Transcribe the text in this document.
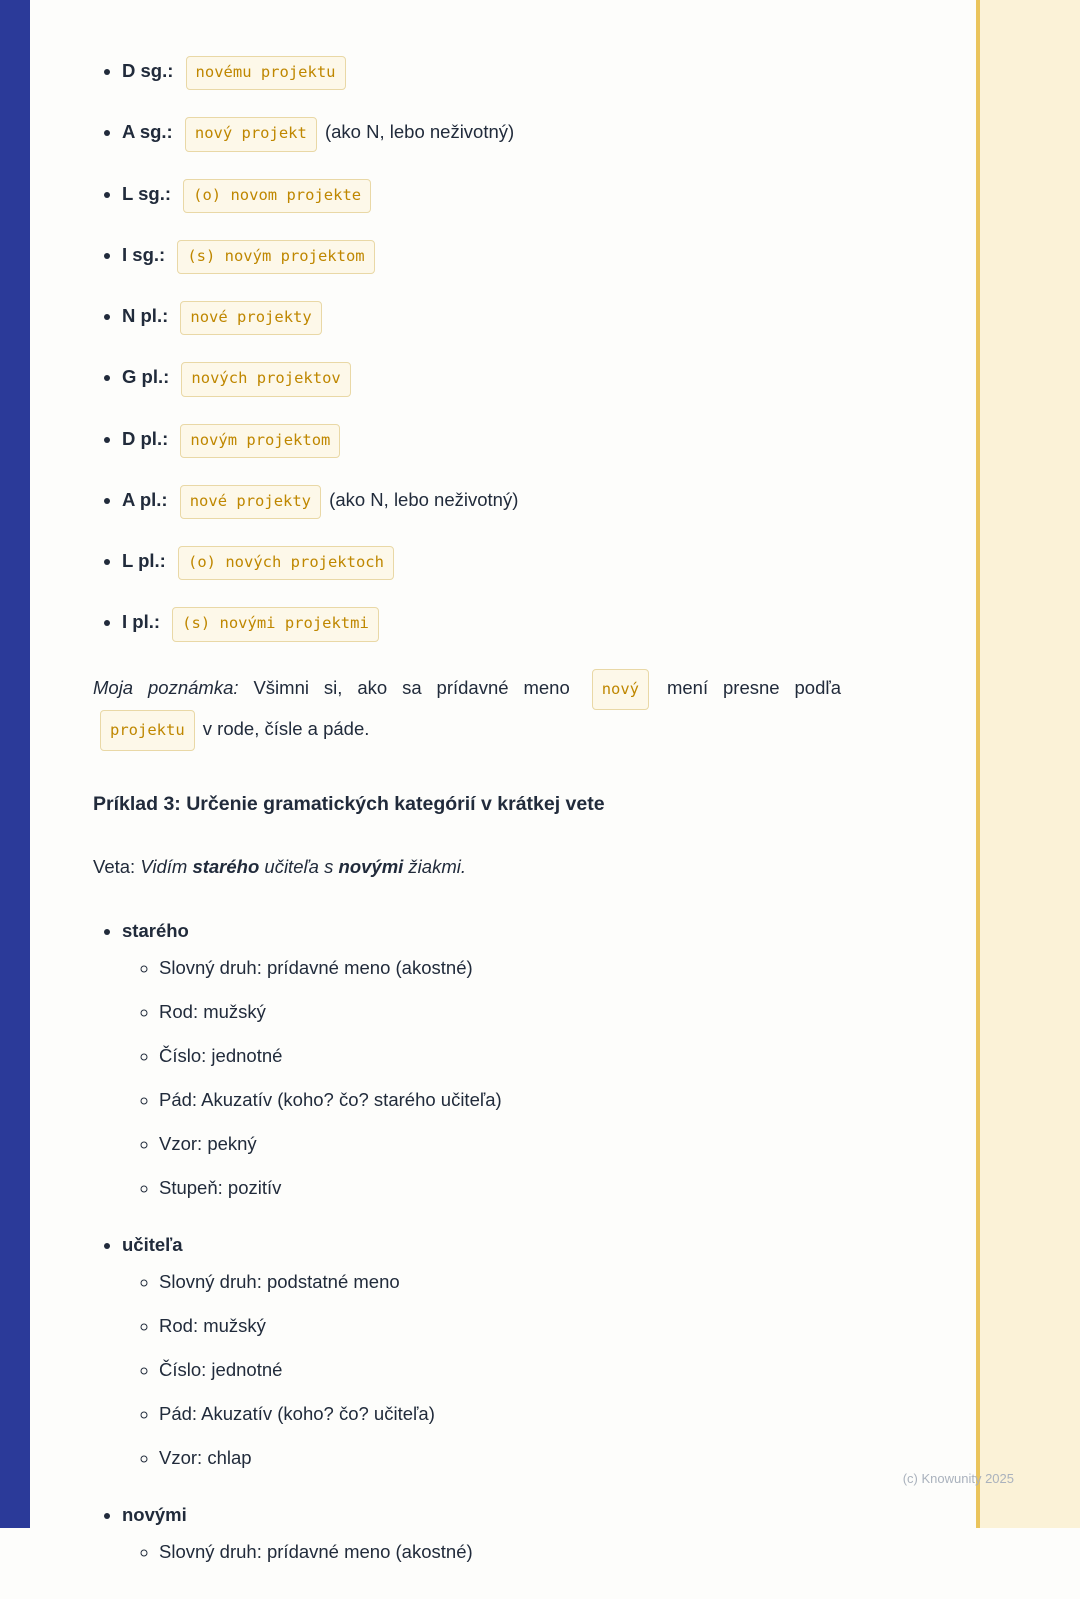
• D sg.: novému projektu
• A sg.: nový projekt (ako N, lebo neživotný)
• L sg.: (o) novom projekte
• I sg.: (s) novým projektom
• N pl.: nové projekty
• G pl.: nových projektov
• D pl.: novým projektom
• A pl.: nové projekty (ako N, lebo neživotný)
• L pl.: (o) nových projektoch
• I pl.: (s) novými projektmi

Moja poznámka: Všimni si, ako sa prídavné meno nový mení presne podľa projektu v rode, čísle a páde.

Príklad 3: Určenie gramatických kategórií v krátkej vete

Veta: Vidím starého učiteľa s novými žiakmi.

• starého
◦ Slovný druh: prídavné meno (akostné)
◦ Rod: mužský
◦ Číslo: jednotné
◦ Pád: Akuzatív (koho? čo? starého učiteľa)
◦ Vzor: pekný
◦ Stupeň: pozitív
• učiteľa
◦ Slovný druh: podstatné meno
◦ Rod: mužský
◦ Číslo: jednotné
◦ Pád: Akuzatív (koho? čo? učiteľa)
◦ Vzor: chlap
• novými
◦ Slovný druh: prídavné meno (akostné)
(c) Knowunity 2025
